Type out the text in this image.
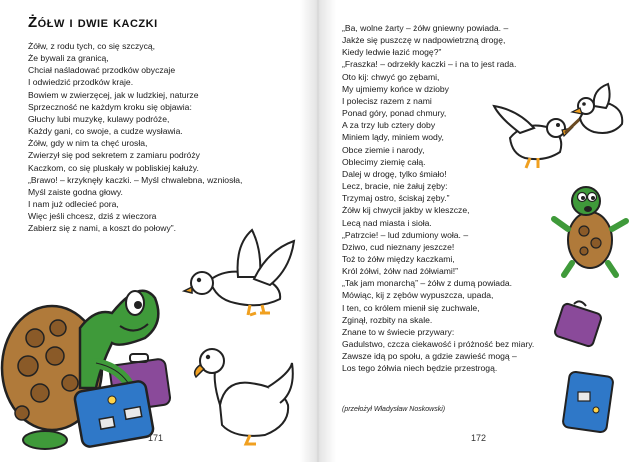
Żółw i dwie kaczki
Żółw, z rodu tych, co się szczycą,
Że bywali za granicą,
Chciał naśladować przodków obyczaje
I odwiedzić przodków kraje.
Bowiem w zwierzęcej, jak w ludzkiej, naturze
Sprzeczność ne każdym kroku się objawia:
Głuchy lubi muzykę, kulawy podróże,
Każdy gani, co swoje, a cudze wysławia.
Żółw, gdy w nim ta chęć urosła,
Zwierzył się pod sekretem z zamiaru podróży
Kaczkom, co się pluskały w pobliskiej kałuży.
„Brawo! – krzyknęły kaczki. – Myśl chwalebna, wzniosła,
Myśl zaiste godna głowy.
I nam już odlecieć pora,
Więc jeśli chcesz, dziś z wieczora
Zabierz się z nami, a koszt do połowy”.
171
„Ba, wolne żarty – żółw gniewny powiada. –
Jakże się puszczę w nadpowietrzną drogę,
Kiedy ledwie łazić mogę?”
„Fraszka! – odrzekły kaczki – i na to jest rada.
Oto kij: chwyć go zębami,
My ujmiemy końce w dzioby
I polecisz razem z nami
Ponad góry, ponad chmury,
A za trzy lub cztery doby
Miniem lądy, miniem wody,
Obce ziemie i narody,
Oblecimy ziemię całą.
Dalej w drogę, tylko śmiało!
Lecz, bracie, nie żałuj zęby:
Trzymaj ostro, ściskaj zęby.”
Żółw kij chwycił jakby w kleszcze,
Lecą nad miasta i sioła.
„Patrzcie! – lud zdumiony woła. –
Dziwo, cud nieznany jeszcze!
Toż to żółw między kaczkami,
Król żółwi, żółw nad żółwiami!”
„Tak jam monarchą” – żółw z dumą powiada.
Mówiąc, kij z zębów wypuszcza, upada,
I ten, co królem mienił się zuchwale,
Zginął, rozbity na skale.
Znane to w świecie przywary:
Gadulstwo, czcza ciekawość i próżność bez miary.
Zawsze idą po społu, a gdzie zawieść mogą –
Los tego żółwia niech będzie przestrogą.
(przełożył Władysław Noskowski)
172
